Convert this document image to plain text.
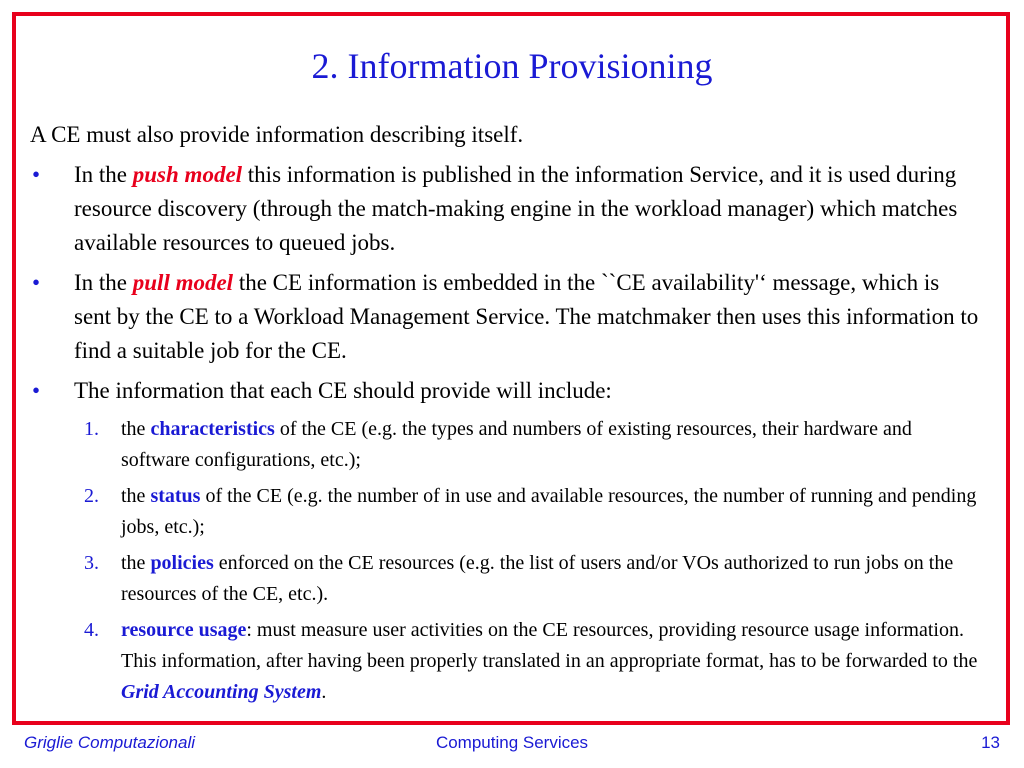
2. Information Provisioning

A CE must also provide information describing itself.

• In the push model this information is published in the information Service, and it is used during resource discovery (through the match-making engine in the workload manager) which matches available resources to queued jobs.

• In the pull model the CE information is embedded in the ``CE availability'‘ message, which is sent by the CE to a Workload Management Service. The matchmaker then uses this information to find a suitable job for the CE.

• The information that each CE should provide will include:

1. the characteristics of the CE (e.g. the types and numbers of existing resources, their hardware and software configurations, etc.);

2. the status of the CE (e.g. the number of in use and available resources, the number of running and pending jobs, etc.);

3. the policies enforced on the CE resources (e.g. the list of users and/or VOs authorized to run jobs on the resources of the CE, etc.).

4. resource usage: must measure user activities on the CE resources, providing resource usage information. This information, after having been properly translated in an appropriate format, has to be forwarded to the Grid Accounting System.

Griglie Computazionali	Computing Services	13
